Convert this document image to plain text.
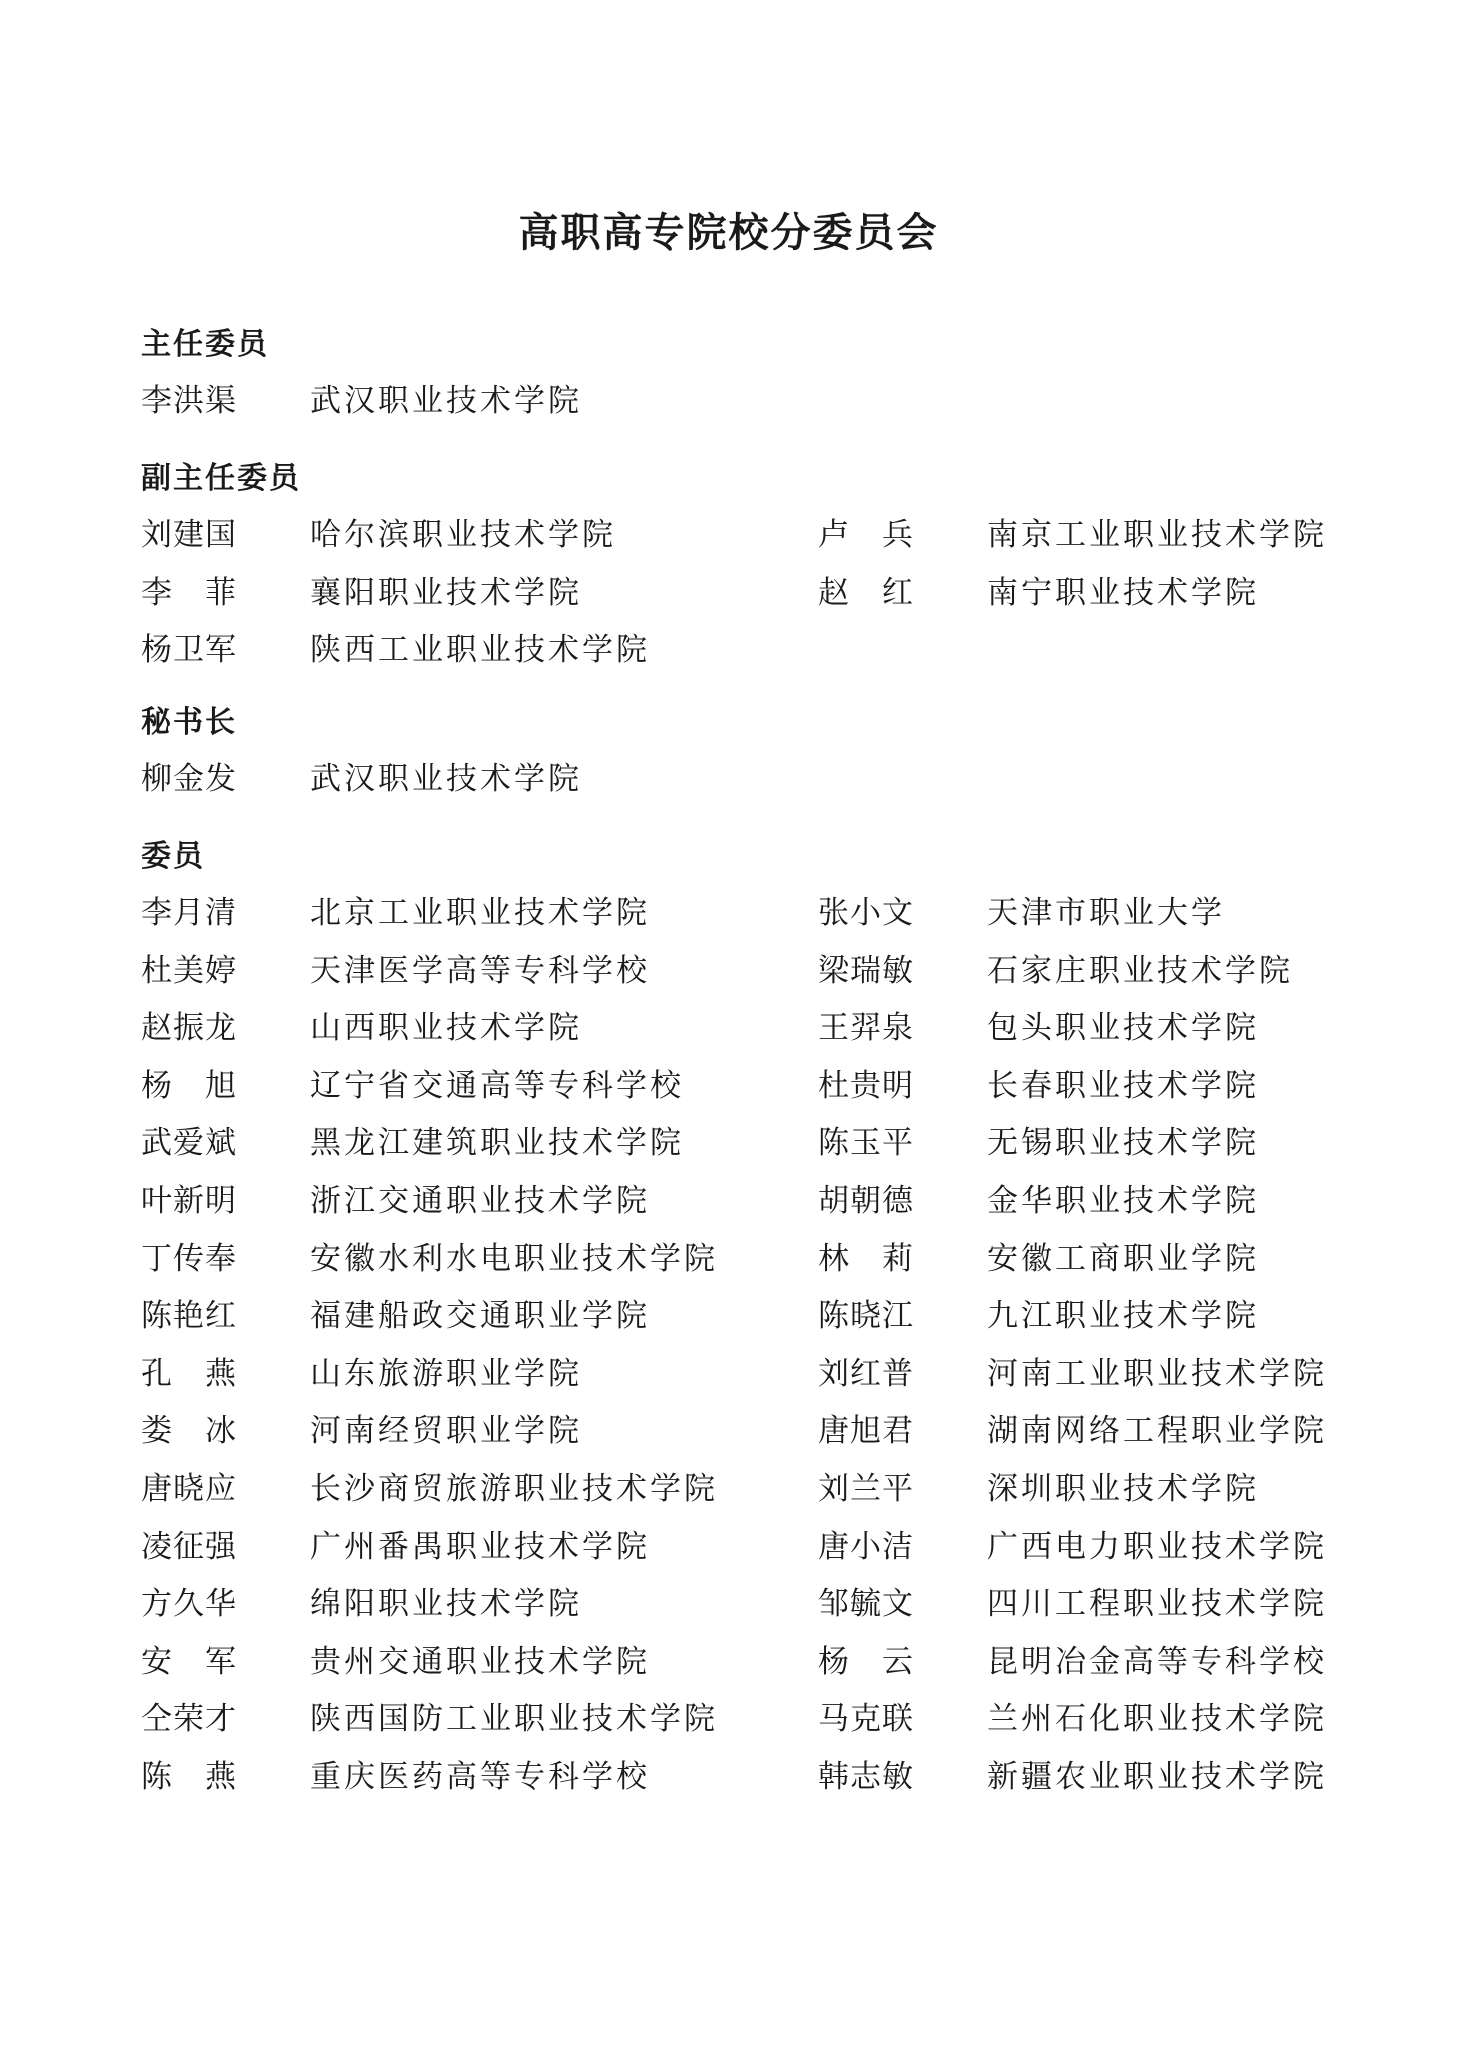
高职高专院校分委员会
主任委员
李洪渠 武汉职业技术学院
副主任委员
刘建国 哈尔滨职业技术学院	卢　兵 南京工业职业技术学院
李　菲 襄阳职业技术学院	赵　红 南宁职业技术学院
杨卫军 陕西工业职业技术学院
秘书长
柳金发 武汉职业技术学院
委员
李月清 北京工业职业技术学院	张小文 天津市职业大学
杜美婷 天津医学高等专科学校	梁瑞敏 石家庄职业技术学院
赵振龙 山西职业技术学院	王羿泉 包头职业技术学院
杨　旭 辽宁省交通高等专科学校	杜贵明 长春职业技术学院
武爱斌 黑龙江建筑职业技术学院	陈玉平 无锡职业技术学院
叶新明 浙江交通职业技术学院	胡朝德 金华职业技术学院
丁传奉 安徽水利水电职业技术学院	林　莉 安徽工商职业学院
陈艳红 福建船政交通职业学院	陈晓江 九江职业技术学院
孔　燕 山东旅游职业学院	刘红普 河南工业职业技术学院
娄　冰 河南经贸职业学院	唐旭君 湖南网络工程职业学院
唐晓应 长沙商贸旅游职业技术学院	刘兰平 深圳职业技术学院
凌征强 广州番禺职业技术学院	唐小洁 广西电力职业技术学院
方久华 绵阳职业技术学院	邹毓文 四川工程职业技术学院
安　军 贵州交通职业技术学院	杨　云 昆明冶金高等专科学校
仝荣才 陕西国防工业职业技术学院	马克联 兰州石化职业技术学院
陈　燕 重庆医药高等专科学校	韩志敏 新疆农业职业技术学院
